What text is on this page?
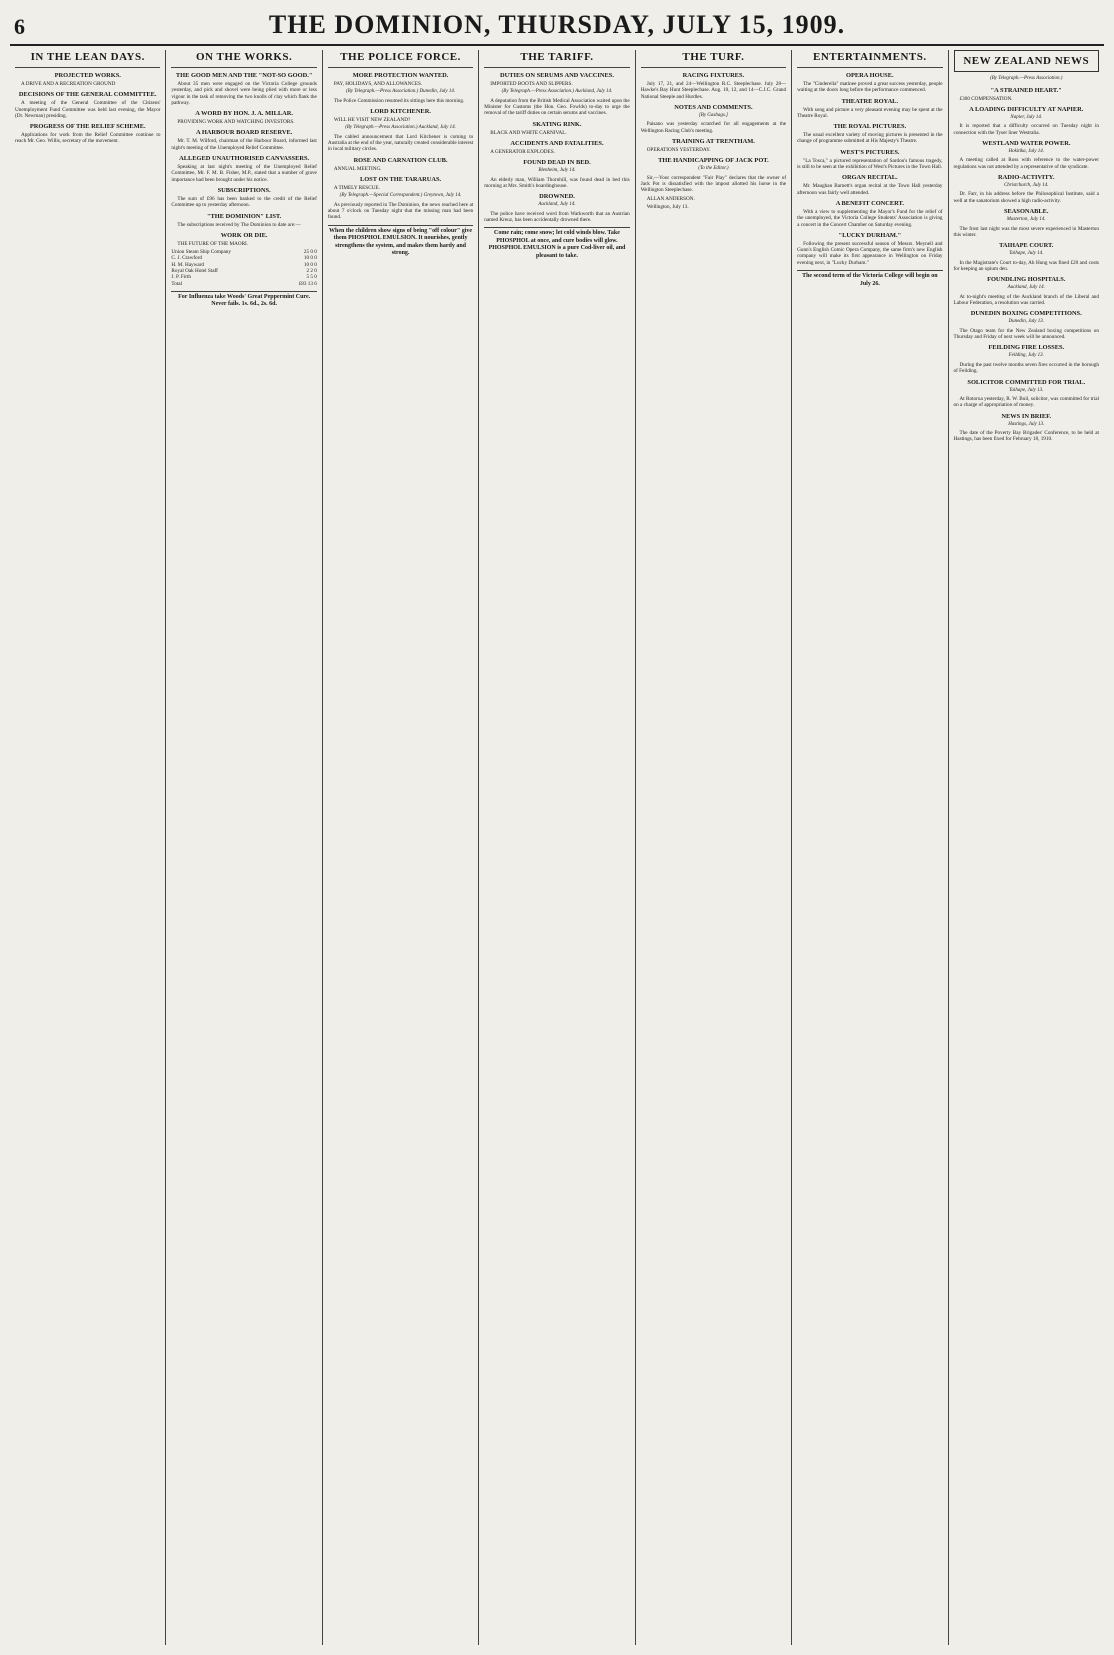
6	THE DOMINION, THURSDAY, JULY 15, 1909.
IN THE LEAN DAYS.
PROJECTED WORKS.
A DRIVE AND A RECREATION GROUND
DECISIONS OF THE GENERAL COMMITTEE.
A meeting of the General Committee of the Citizens' Unemployment Fund Committee was held last evening, the Mayor (Dr. Newman) presiding.
PROGRESS OF THE RELIEF SCHEME.
Applications for work from the Relief Committee continue to reach Mr. Geo. Willis, secretary of the movement.
ON THE WORKS.
THE GOOD MEN AND THE "NOT-SO GOOD."
About 35 men were engaged on the Victoria College grounds yesterday, and pick and shovel were being plied with more or less vigour in the task of removing the two knolls of clay which flank the pathway.
A WORD BY HON. J. A. MILLAR.
PROVIDING WORK AND WATCHING INVESTORS.
A HARBOUR BOARD RESERVE.
Mr. T. M. Wilford, chairman of the Harbour Board, informed last night's meeting of the Unemployed Relief Committee.
ALLEGED UNAUTHORISED CANVASSERS.
Speaking at last night's meeting of the Unemployed Relief Committee, Mr. F. M. B. Fisher, M.P., stated that a number of grave importance had been brought under his notice.
SUBSCRIPTIONS.
The sum of £96 has been banked to the credit of the Relief Committee up to yesterday afternoon.
"THE DOMINION" LIST.
The subscriptions received by The Dominion to date are:—
WORK OR DIE.
THE FUTURE OF THE MAORI.
Union Steam Ship Company	25 0 0
C. J. Crawford	10 0 0
H. M. Hayward	10 0 0
Royal Oak Hotel Staff	2 2 0
J. P. Firth	5 5 0
Total	£83 13 6
For Influenza take Woods' Great Peppermint Cure. Never fails. 1s. 6d., 2s. 6d.
THE POLICE FORCE.
MORE PROTECTION WANTED.
PAY, HOLIDAYS, AND ALLOWANCES.
(By Telegraph.—Press Association.) Dunedin, July 14.
The Police Commission resumed its sittings here this morning.
LORD KITCHENER.
WILL HE VISIT NEW ZEALAND?
(By Telegraph.—Press Association.) Auckland, July 14.
The cabled announcement that Lord Kitchener is coming to Australia at the end of the year, naturally created considerable interest in local military circles.
ROSE AND CARNATION CLUB.
ANNUAL MEETING.
LOST ON THE TARARUAS.
A TIMELY RESCUE.
(By Telegraph.—Special Correspondent.) Greytown, July 14.
As previously reported in The Dominion, the news reached here at about 7 o'clock on Tuesday night that the missing man had been found.
When the children show signs of being "off colour" give them PHOSPHOL EMULSION. It nourishes, gently strengthens the system, and makes them hardy and strong.
THE TARIFF.
DUTIES ON SERUMS AND VACCINES.
IMPORTED BOOTS AND SLIPPERS.
(By Telegraph.—Press Association.) Auckland, July 14.
A deputation from the British Medical Association waited upon the Minister for Customs (the Hon. Geo. Fowlds) to-day to urge the removal of the tariff duties on certain serums and vaccines.
SKATING RINK.
BLACK AND WHITE CARNIVAL.
ACCIDENTS AND FATALITIES.
A GENERATOR EXPLODES.
FOUND DEAD IN BED.
Blenheim, July 14.
An elderly man, William Thornhill, was found dead in bed this morning at Mrs. Smith's boardinghouse.
DROWNED.
Auckland, July 14.
The police have received word from Warkworth that an Austrian named Kreuz, has been accidentally drowned there.
Come rain; come snow; let cold winds blow. Take PHOSPHOL at once, and cure bodies will glow. PHOSPHOL EMULSION is a pure Cod-liver oil, and pleasant to take.
THE TURF.
RACING FIXTURES.
July 17, 21, and 24—Wellington R.C. Steeplechase. July 28—Hawke's Bay Hunt Steeplechase. Aug. 10, 12, and 14—C.J.C. Grand National Steeple and Hurdles.
NOTES AND COMMENTS.
[By Gasbags.]
Paisano was yesterday scratched for all engagements at the Wellington Racing Club's meeting.
TRAINING AT TRENTHAM.
OPERATIONS YESTERDAY.
THE HANDICAPPING OF JACK POT.
(To the Editor.)
Sir,—Your correspondent "Fair Play" declares that the owner of Jack Pot is dissatisfied with the impost allotted his horse in the Wellington Steeplechase.
ALLAN ANDERSON.
Wellington, July 13.
ENTERTAINMENTS.
OPERA HOUSE.
The "Cinderella" matinee proved a great success yesterday, people waiting at the doors long before the performance commenced.
THEATRE ROYAL.
With song and picture a very pleasant evening may be spent at the Theatre Royal.
THE ROYAL PICTURES.
The usual excellent variety of moving pictures is presented in the change of programme submitted at His Majesty's Theatre.
WEST'S PICTURES.
"La Tosca," a pictured representation of Sardou's famous tragedy, is still to be seen at the exhibition of West's Pictures in the Town Hall.
ORGAN RECITAL.
Mr. Maughan Barnett's organ recital at the Town Hall yesterday afternoon was fairly well attended.
A BENEFIT CONCERT.
With a view to supplementing the Mayor's Fund for the relief of the unemployed, the Victoria College Students' Association is giving a concert in the Concert Chamber on Saturday evening.
"LUCKY DURHAM."
Following the present successful season of Messrs. Meynell and Gunn's English Comic Opera Company, the same firm's new English company will make its first appearance in Wellington on Friday evening next, in "Lucky Durham."
The second term of the Victoria College will begin on July 26.
NEW ZEALAND NEWS
(By Telegraph.—Press Association.)
"A STRAINED HEART."
£300 COMPENSATION.
A LOADING DIFFICULTY AT NAPIER.
Napier, July 14.
It is reported that a difficulty occurred on Tuesday night in connection with the Tyser liner Westralia.
WESTLAND WATER POWER.
Hokitika, July 14.
A meeting called at Ross with reference to the water-power regulations was not attended by a representative of the syndicate.
RADIO-ACTIVITY.
Christchurch, July 14.
Dr. Farr, in his address before the Philosophical Institute, said a well at the sanatorium showed a high radio-activity.
SEASONABLE.
Masterton, July 14.
The frost last night was the most severe experienced in Masterton this winter.
TAIHAPE COURT.
Taihape, July 14.
In the Magistrate's Court to-day, Ah Hung was fined £20 and costs for keeping an opium den.
FOUNDLING HOSPITALS.
Auckland, July 14.
At to-night's meeting of the Auckland branch of the Liberal and Labour Federation, a resolution was carried.
DUNEDIN BOXING COMPETITIONS.
Dunedin, July 13.
The Otago team for the New Zealand boxing competitions on Thursday and Friday of next week will be announced.
FEILDING FIRE LOSSES.
Feilding, July 13.
During the past twelve months seven fires occurred in the borough of Feilding.
SOLICITOR COMMITTED FOR TRIAL.
Taihape, July 13.
At Rotorua yesterday, R. W. Buil, solicitor, was committed for trial on a charge of appropriation of money.
NEWS IN BRIEF.
Hastings, July 13.
The date of the Poverty Bay Brigades' Conference, to be held at Hastings, has been fixed for February 18, 1910.
